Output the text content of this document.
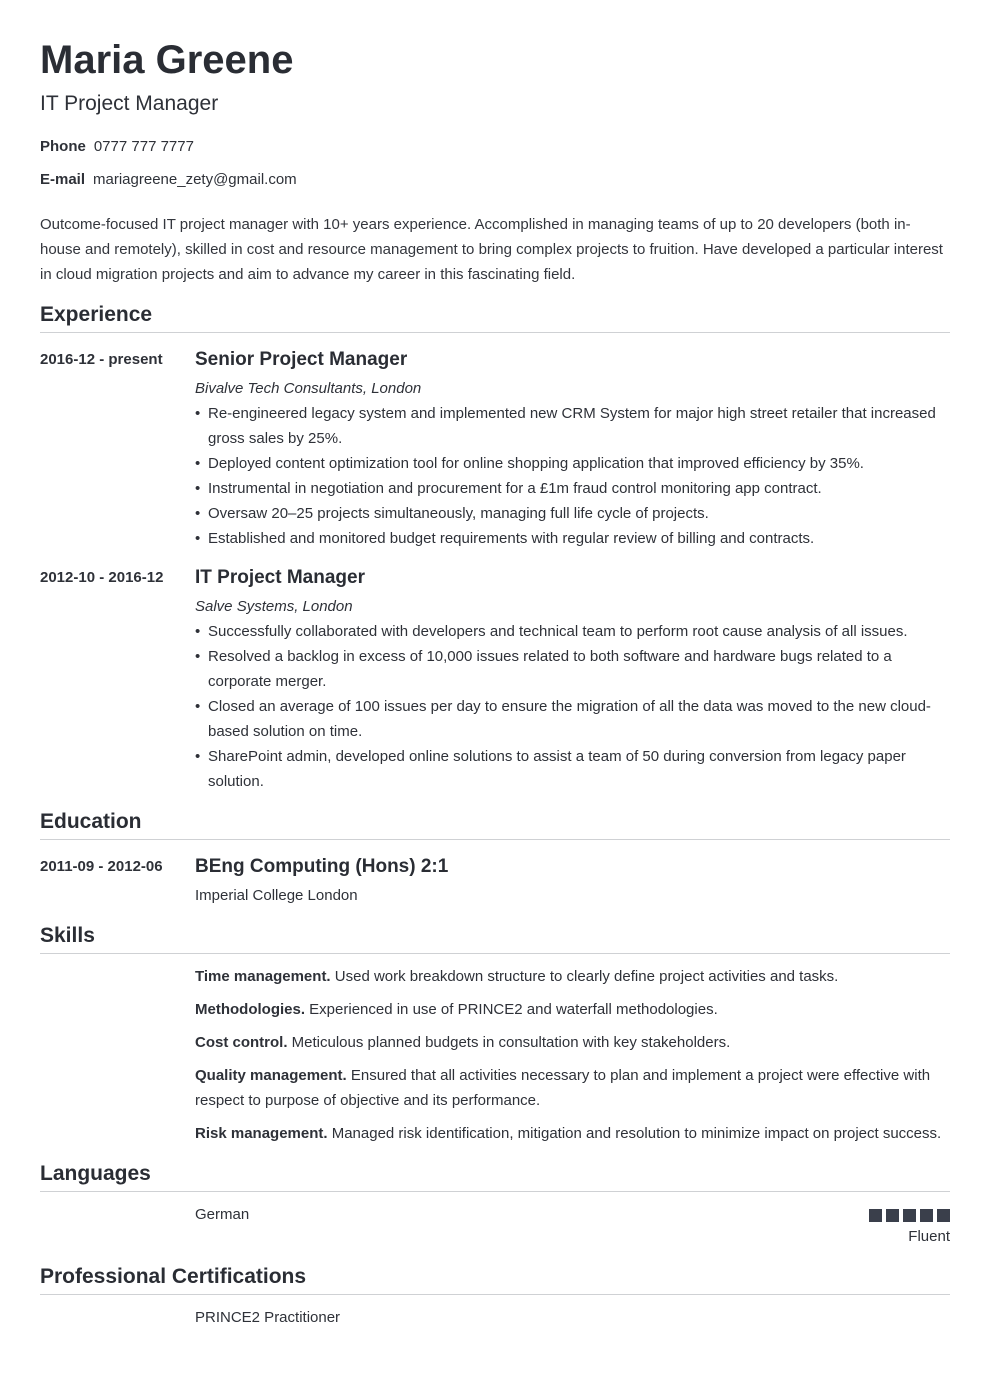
Maria Greene
IT Project Manager
Phone 0777 777 7777
E-mail mariagreene_zety@gmail.com
Outcome-focused IT project manager with 10+ years experience. Accomplished in managing teams of up to 20 developers (both in-house and remotely), skilled in cost and resource management to bring complex projects to fruition. Have developed a particular interest in cloud migration projects and aim to advance my career in this fascinating field.
Experience
2016-12 - present	Senior Project Manager
Bivalve Tech Consultants, London
• Re-engineered legacy system and implemented new CRM System for major high street retailer that increased gross sales by 25%.
• Deployed content optimization tool for online shopping application that improved efficiency by 35%.
• Instrumental in negotiation and procurement for a £1m fraud control monitoring app contract.
• Oversaw 20–25 projects simultaneously, managing full life cycle of projects.
• Established and monitored budget requirements with regular review of billing and contracts.
2012-10 - 2016-12	IT Project Manager
Salve Systems, London
• Successfully collaborated with developers and technical team to perform root cause analysis of all issues.
• Resolved a backlog in excess of 10,000 issues related to both software and hardware bugs related to a corporate merger.
• Closed an average of 100 issues per day to ensure the migration of all the data was moved to the new cloud-based solution on time.
• SharePoint admin, developed online solutions to assist a team of 50 during conversion from legacy paper solution.
Education
2011-09 - 2012-06	BEng Computing (Hons) 2:1
Imperial College London
Skills
Time management. Used work breakdown structure to clearly define project activities and tasks.
Methodologies. Experienced in use of PRINCE2 and waterfall methodologies.
Cost control. Meticulous planned budgets in consultation with key stakeholders.
Quality management. Ensured that all activities necessary to plan and implement a project were effective with respect to purpose of objective and its performance.
Risk management. Managed risk identification, mitigation and resolution to minimize impact on project success.
Languages
German
Fluent
Professional Certifications
PRINCE2 Practitioner
